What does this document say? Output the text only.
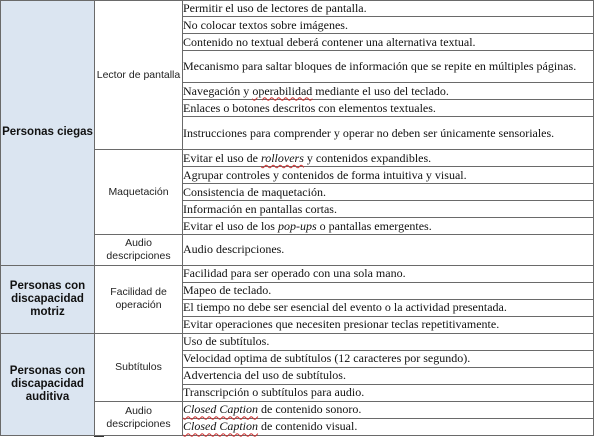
Personas ciegas	Lector de pantalla	Permitir el uso de lectores de pantalla.
		No colocar textos sobre imágenes.
		Contenido no textual deberá contener una alternativa textual.
		Mecanismo para saltar bloques de información que se repite en múltiples páginas.
		Navegación y operabilidad mediante el uso del teclado.
		Enlaces o botones descritos con elementos textuales.
		Instrucciones para comprender y operar no deben ser únicamente sensoriales.
	Maquetación	Evitar el uso de rollovers y contenidos expandibles.
		Agrupar controles y contenidos de forma intuitiva y visual.
		Consistencia de maquetación.
		Información en pantallas cortas.
		Evitar el uso de los pop-ups o pantallas emergentes.
	Audio descripciones	Audio descripciones.
Personas con discapacidad motriz	Facilidad de operación	Facilidad para ser operado con una sola mano.
		Mapeo de teclado.
		El tiempo no debe ser esencial del evento o la actividad presentada.
		Evitar operaciones que necesiten presionar teclas repetitivamente.
Personas con discapacidad auditiva	Subtítulos	Uso de subtítulos.
		Velocidad optima de subtítulos (12 caracteres por segundo).
		Advertencia del uso de subtítulos.
		Transcripción o subtítulos para audio.
	Audio descripciones	Closed Caption de contenido sonoro.
		Closed Caption de contenido visual.
